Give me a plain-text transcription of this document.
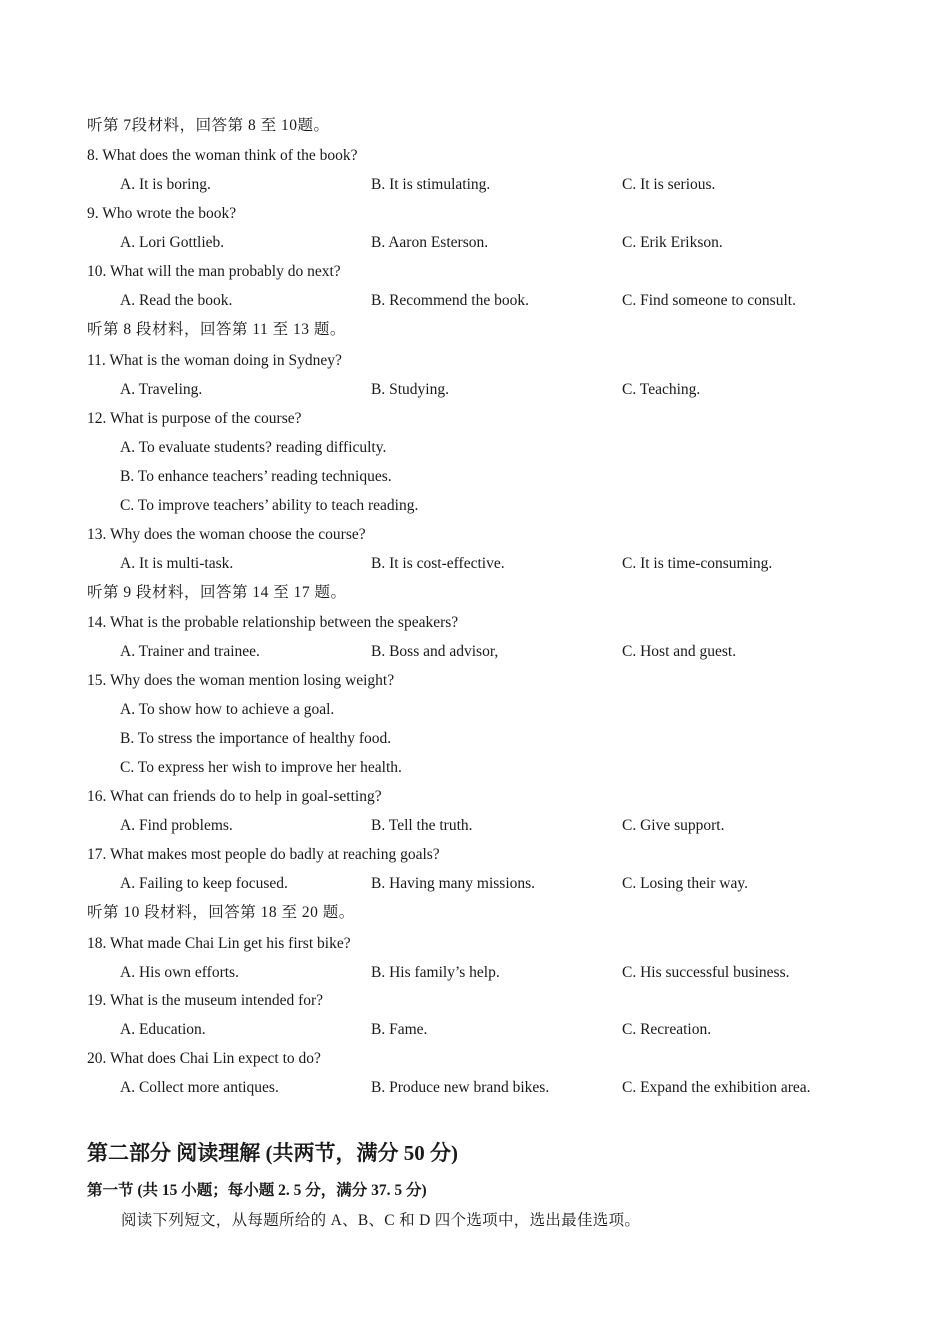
听第 7段材料，回答第 8 至 10题。
8. What does the woman think of the book?
A. It is boring.	B. It is stimulating.	C. It is serious.
9. Who wrote the book?
A. Lori Gottlieb.	B. Aaron Esterson.	C. Erik Erikson.
10. What will the man probably do next?
A. Read the book.	B. Recommend the book.	C. Find someone to consult.
听第 8 段材料，回答第 11 至 13 题。
11. What is the woman doing in Sydney?
A. Traveling.	B. Studying.	C. Teaching.
12. What is purpose of the course?
A. To evaluate students? reading difficulty.
B. To enhance teachers’ reading techniques.
C. To improve teachers’ ability to teach reading.
13. Why does the woman choose the course?
A. It is multi-task.	B. It is cost-effective.	C. It is time-consuming.
听第 9 段材料，回答第 14 至 17 题。
14. What is the probable relationship between the speakers?
A. Trainer and trainee.	B. Boss and advisor,	C. Host and guest.
15. Why does the woman mention losing weight?
A. To show how to achieve a goal.
B. To stress the importance of healthy food.
C. To express her wish to improve her health.
16. What can friends do to help in goal-setting?
A. Find problems.	B. Tell the truth.	C. Give support.
17. What makes most people do badly at reaching goals?
A. Failing to keep focused.	B. Having many missions.	C. Losing their way.
听第 10 段材料，回答第 18 至 20 题。
18. What made Chai Lin get his first bike?
A. His own efforts.	B. His family’s help.	C. His successful business.
19. What is the museum intended for?
A. Education.	B. Fame.	C. Recreation.
20. What does Chai Lin expect to do?
A. Collect more antiques.	B. Produce new brand bikes.	C. Expand the exhibition area.
第二部分 阅读理解 (共两节，满分 50 分)
第一节 (共 15 小题；每小题 2. 5 分，满分 37. 5 分)
阅读下列短文，从每题所给的 A、B、C 和 D 四个选项中，选出最佳选项。
